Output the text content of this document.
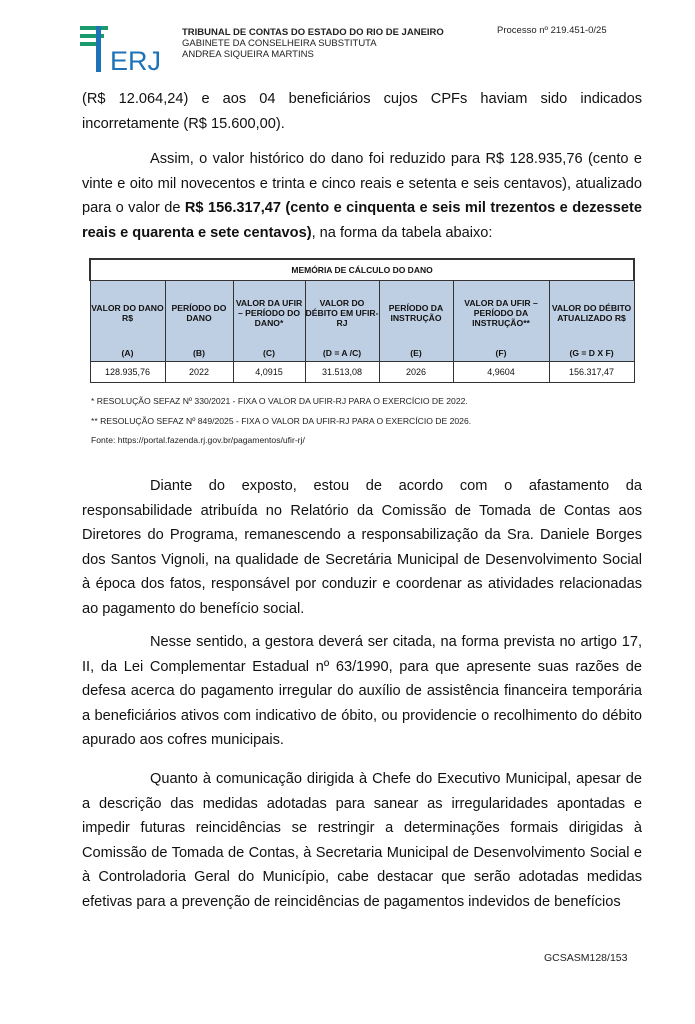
ERJ
TRIBUNAL DE CONTAS DO ESTADO DO RIO DE JANEIRO
GABINETE DA CONSELHEIRA SUBSTITUTA
ANDREA SIQUEIRA MARTINS
Processo nº 219.451-0/25

(R$ 12.064,24) e aos 04 beneficiários cujos CPFs haviam sido indicados incorretamente (R$ 15.600,00).

Assim, o valor histórico do dano foi reduzido para R$ 128.935,76 (cento e vinte e oito mil novecentos e trinta e cinco reais e setenta e seis centavos), atualizado para o valor de R$ 156.317,47 (cento e cinquenta e seis mil trezentos e dezessete reais e quarenta e sete centavos), na forma da tabela abaixo:

MEMÓRIA DE CÁLCULO DO DANO						
VALOR DO DANO R$	PERÍODO DO DANO	VALOR DA UFIR – PERÍODO DO DANO*	VALOR DO DÉBITO EM UFIR-RJ	PERÍODO DA INSTRUÇÃO	VALOR DA UFIR – PERÍODO DA INSTRUÇÃO**	VALOR DO DÉBITO ATUALIZADO R$
(A)	(B)	(C)	(D = A /C)	(E)	(F)	(G = D X F)
128.935,76	2022	4,0915	31.513,08	2026	4,9604	156.317,47
* RESOLUÇÃO SEFAZ Nº 330/2021 - FIXA O VALOR DA UFIR-RJ PARA O EXERCÍCIO DE 2022.
** RESOLUÇÃO SEFAZ Nº 849/2025 - FIXA O VALOR DA UFIR-RJ PARA O EXERCÍCIO DE 2026.
Fonte: https://portal.fazenda.rj.gov.br/pagamentos/ufir-rj/

Diante do exposto, estou de acordo com o afastamento da responsabilidade atribuída no Relatório da Comissão de Tomada de Contas aos Diretores do Programa, remanescendo a responsabilização da Sra. Daniele Borges dos Santos Vignoli, na qualidade de Secretária Municipal de Desenvolvimento Social à época dos fatos, responsável por conduzir e coordenar as atividades relacionadas ao pagamento do benefício social.

Nesse sentido, a gestora deverá ser citada, na forma prevista no artigo 17, II, da Lei Complementar Estadual nº 63/1990, para que apresente suas razões de defesa acerca do pagamento irregular do auxílio de assistência financeira temporária a beneficiários ativos com indicativo de óbito, ou providencie o recolhimento do débito apurado aos cofres municipais.

Quanto à comunicação dirigida à Chefe do Executivo Municipal, apesar de a descrição das medidas adotadas para sanear as irregularidades apontadas e impedir futuras reincidências se restringir a determinações formais dirigidas à Comissão de Tomada de Contas, à Secretaria Municipal de Desenvolvimento Social e à Controladoria Geral do Município, cabe destacar que serão adotadas medidas efetivas para a prevenção de reincidências de pagamentos indevidos de benefícios

GCSASM128/153
